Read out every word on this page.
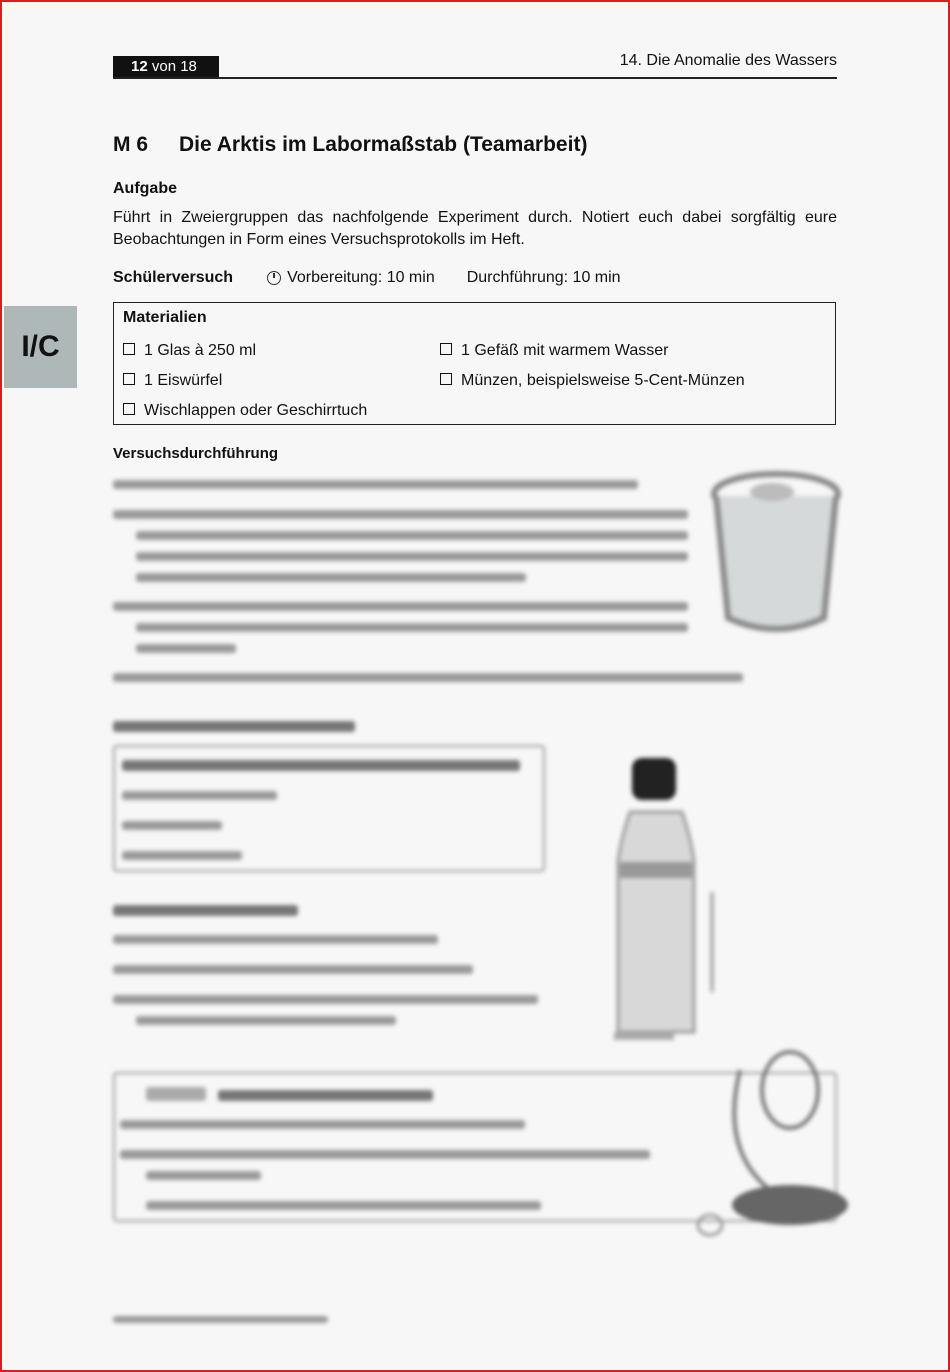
12 von 18	14. Die Anomalie des Wassers
I/C
M 6 Die Arktis im Labormaßstab (Teamarbeit)
Aufgabe
Führt in Zweiergruppen das nachfolgende Experiment durch. Notiert euch dabei sorgfältig eure Beobachtungen in Form eines Versuchsprotokolls im Heft.
Schülerversuch	Vorbereitung: 10 min Durchführung: 10 min
Materialien
1 Glas à 250 ml	1 Gefäß mit warmem Wasser
1 Eiswürfel	Münzen, beispielsweise 5-Cent-Münzen
Wischlappen oder Geschirrtuch
Versuchsdurchführung
